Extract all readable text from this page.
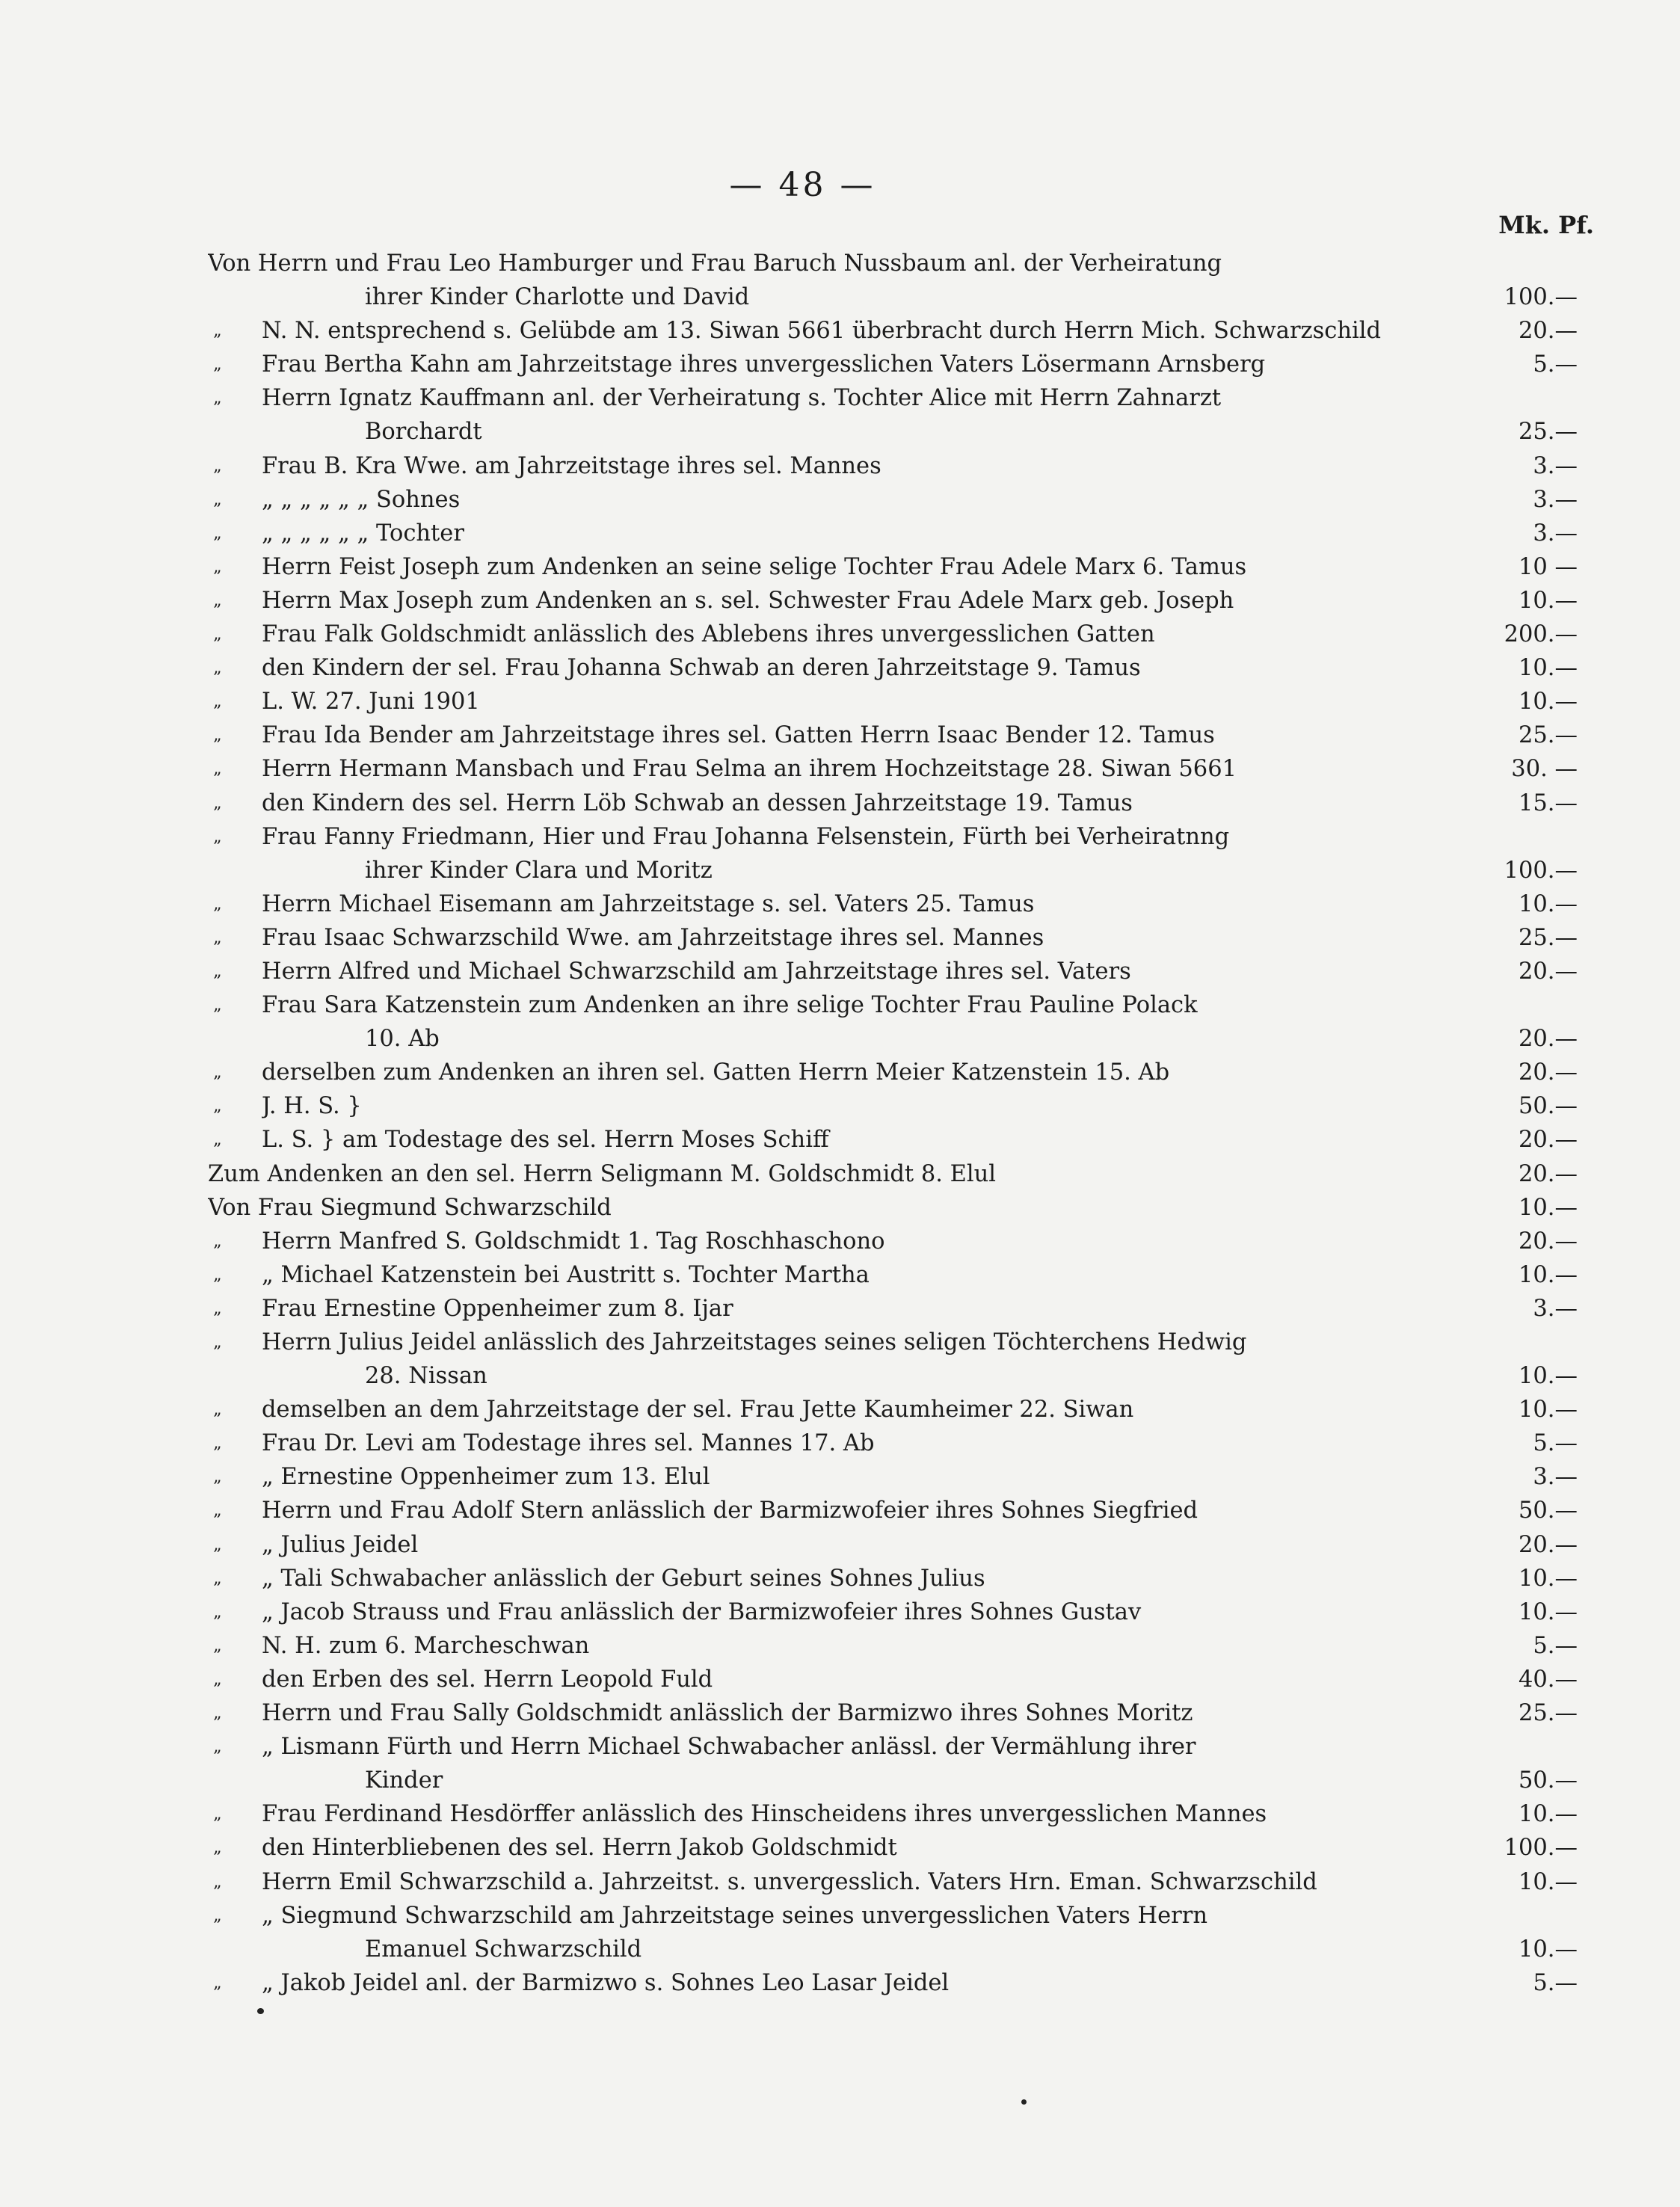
— 48 —
Mk. Pf.
Von Herrn und Frau Leo Hamburger und Frau Baruch Nussbaum anl. der Verheiratung
ihrer Kinder Charlotte und David	100.—
„	N. N. entsprechend s. Gelübde am 13. Siwan 5661 überbracht durch Herrn Mich. Schwarzschild	20.—
„	Frau Bertha Kahn am Jahrzeitstage ihres unvergesslichen Vaters Lösermann Arnsberg	5.—
„	Herrn Ignatz Kauffmann anl. der Verheiratung s. Tochter Alice mit Herrn Zahnarzt
Borchardt	25.—
„	Frau B. Kra Wwe. am Jahrzeitstage ihres sel. Mannes	3.—
„	„ „ „ „ „ „ Sohnes	3.—
„	„ „ „ „ „ „ Tochter	3.—
„	Herrn Feist Joseph zum Andenken an seine selige Tochter Frau Adele Marx 6. Tamus	10 —
„	Herrn Max Joseph zum Andenken an s. sel. Schwester Frau Adele Marx geb. Joseph	10.—
„	Frau Falk Goldschmidt anlässlich des Ablebens ihres unvergesslichen Gatten	200.—
„	den Kindern der sel. Frau Johanna Schwab an deren Jahrzeitstage 9. Tamus	10.—
„	L. W. 27. Juni 1901	10.—
„	Frau Ida Bender am Jahrzeitstage ihres sel. Gatten Herrn Isaac Bender 12. Tamus	25.—
„	Herrn Hermann Mansbach und Frau Selma an ihrem Hochzeitstage 28. Siwan 5661	30. —
„	den Kindern des sel. Herrn Löb Schwab an dessen Jahrzeitstage 19. Tamus	15.—
„	Frau Fanny Friedmann, Hier und Frau Johanna Felsenstein, Fürth bei Verheiratnng
ihrer Kinder Clara und Moritz	100.—
„	Herrn Michael Eisemann am Jahrzeitstage s. sel. Vaters 25. Tamus	10.—
„	Frau Isaac Schwarzschild Wwe. am Jahrzeitstage ihres sel. Mannes	25.—
„	Herrn Alfred und Michael Schwarzschild am Jahrzeitstage ihres sel. Vaters	20.—
„	Frau Sara Katzenstein zum Andenken an ihre selige Tochter Frau Pauline Polack
10. Ab	20.—
„	derselben zum Andenken an ihren sel. Gatten Herrn Meier Katzenstein 15. Ab	20.—
„	J. H. S. }	50.—
„	L. S. } am Todestage des sel. Herrn Moses Schiff	20.—
Zum Andenken an den sel. Herrn Seligmann M. Goldschmidt 8. Elul	20.—
Von Frau Siegmund Schwarzschild	10.—
„	Herrn Manfred S. Goldschmidt 1. Tag Roschhaschono	20.—
„	„ Michael Katzenstein bei Austritt s. Tochter Martha	10.—
„	Frau Ernestine Oppenheimer zum 8. Ijar	3.—
„	Herrn Julius Jeidel anlässlich des Jahrzeitstages seines seligen Töchterchens Hedwig
28. Nissan	10.—
„	demselben an dem Jahrzeitstage der sel. Frau Jette Kaumheimer 22. Siwan	10.—
„	Frau Dr. Levi am Todestage ihres sel. Mannes 17. Ab	5.—
„	„ Ernestine Oppenheimer zum 13. Elul	3.—
„	Herrn und Frau Adolf Stern anlässlich der Barmizwofeier ihres Sohnes Siegfried	50.—
„	„ Julius Jeidel	20.—
„	„ Tali Schwabacher anlässlich der Geburt seines Sohnes Julius	10.—
„	„ Jacob Strauss und Frau anlässlich der Barmizwofeier ihres Sohnes Gustav	10.—
„	N. H. zum 6. Marcheschwan	5.—
„	den Erben des sel. Herrn Leopold Fuld	40.—
„	Herrn und Frau Sally Goldschmidt anlässlich der Barmizwo ihres Sohnes Moritz	25.—
„	„ Lismann Fürth und Herrn Michael Schwabacher anlässl. der Vermählung ihrer
Kinder	50.—
„	Frau Ferdinand Hesdörffer anlässlich des Hinscheidens ihres unvergesslichen Mannes	10.—
„	den Hinterbliebenen des sel. Herrn Jakob Goldschmidt	100.—
„	Herrn Emil Schwarzschild a. Jahrzeitst. s. unvergesslich. Vaters Hrn. Eman. Schwarzschild	10.—
„	„ Siegmund Schwarzschild am Jahrzeitstage seines unvergesslichen Vaters Herrn
Emanuel Schwarzschild	10.—
„	„ Jakob Jeidel anl. der Barmizwo s. Sohnes Leo Lasar Jeidel	5.—
